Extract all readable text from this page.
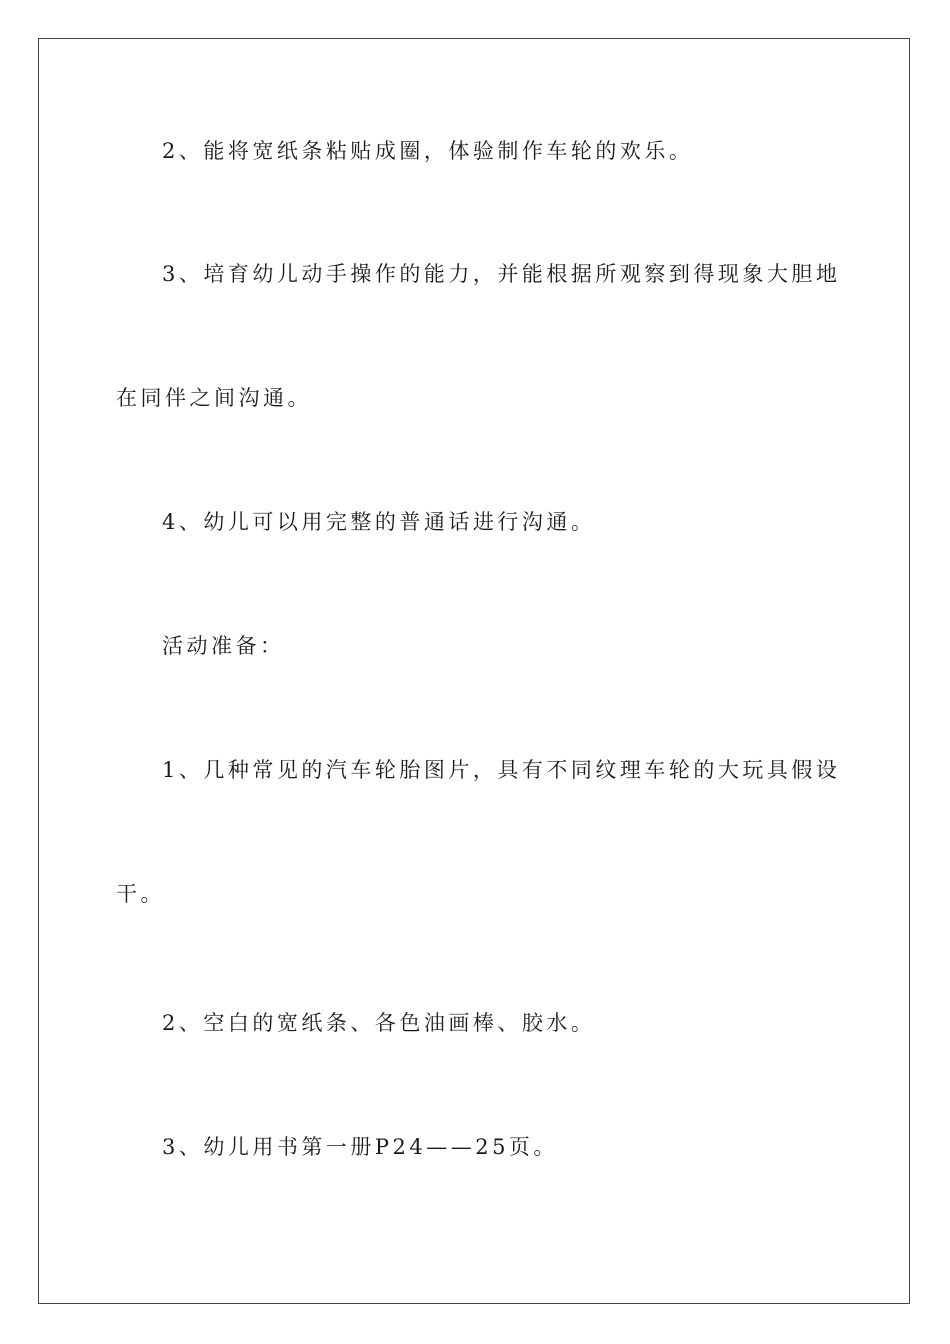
2、能将宽纸条粘贴成圈，体验制作车轮的欢乐。
3、培育幼儿动手操作的能力，并能根据所观察到得现象大胆地
在同伴之间沟通。
4、幼儿可以用完整的普通话进行沟通。
活动准备：
1、几种常见的汽车轮胎图片，具有不同纹理车轮的大玩具假设
干。
2、空白的宽纸条、各色油画棒、胶水。
3、幼儿用书第一册P24——25页。
